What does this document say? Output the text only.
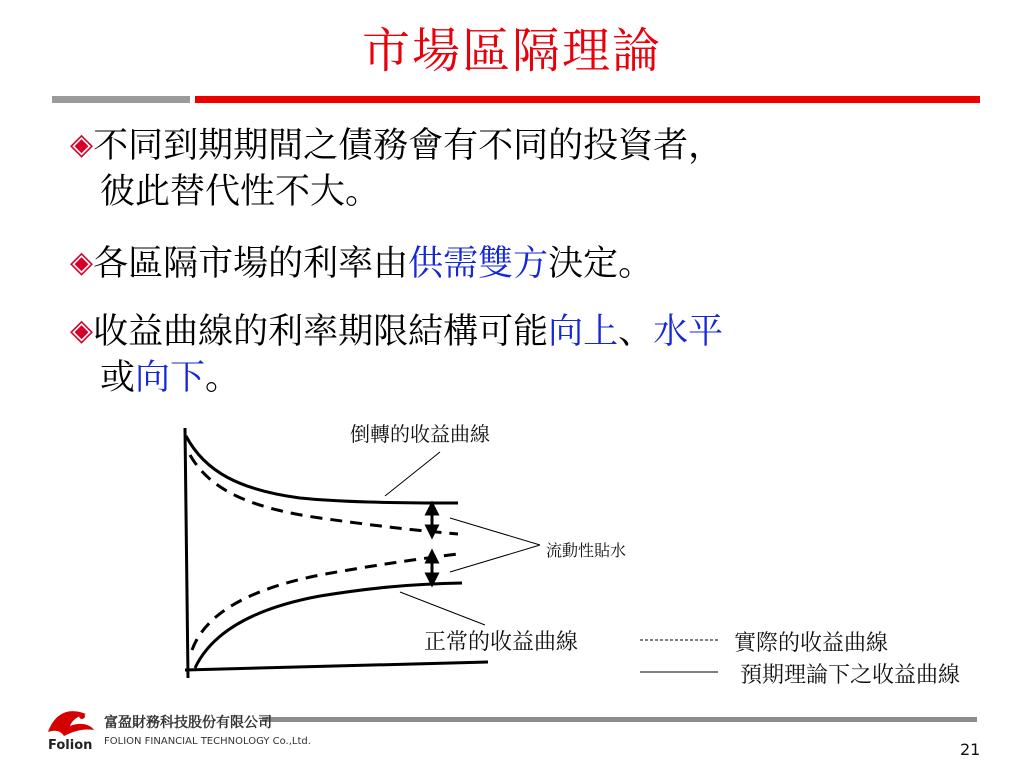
市場區隔理論
◈不同到期期間之債務會有不同的投資者，
彼此替代性不大。
◈各區隔市場的利率由供需雙方決定。
◈收益曲線的利率期限結構可能向上、水平
或向下。
倒轉的收益曲線
流動性貼水
正常的收益曲線	實際的收益曲線
預期理論下之收益曲線
Folion
富盈財務科技股份有限公司
FOLION FINANCIAL TECHNOLOGY Co.,Ltd.	21
